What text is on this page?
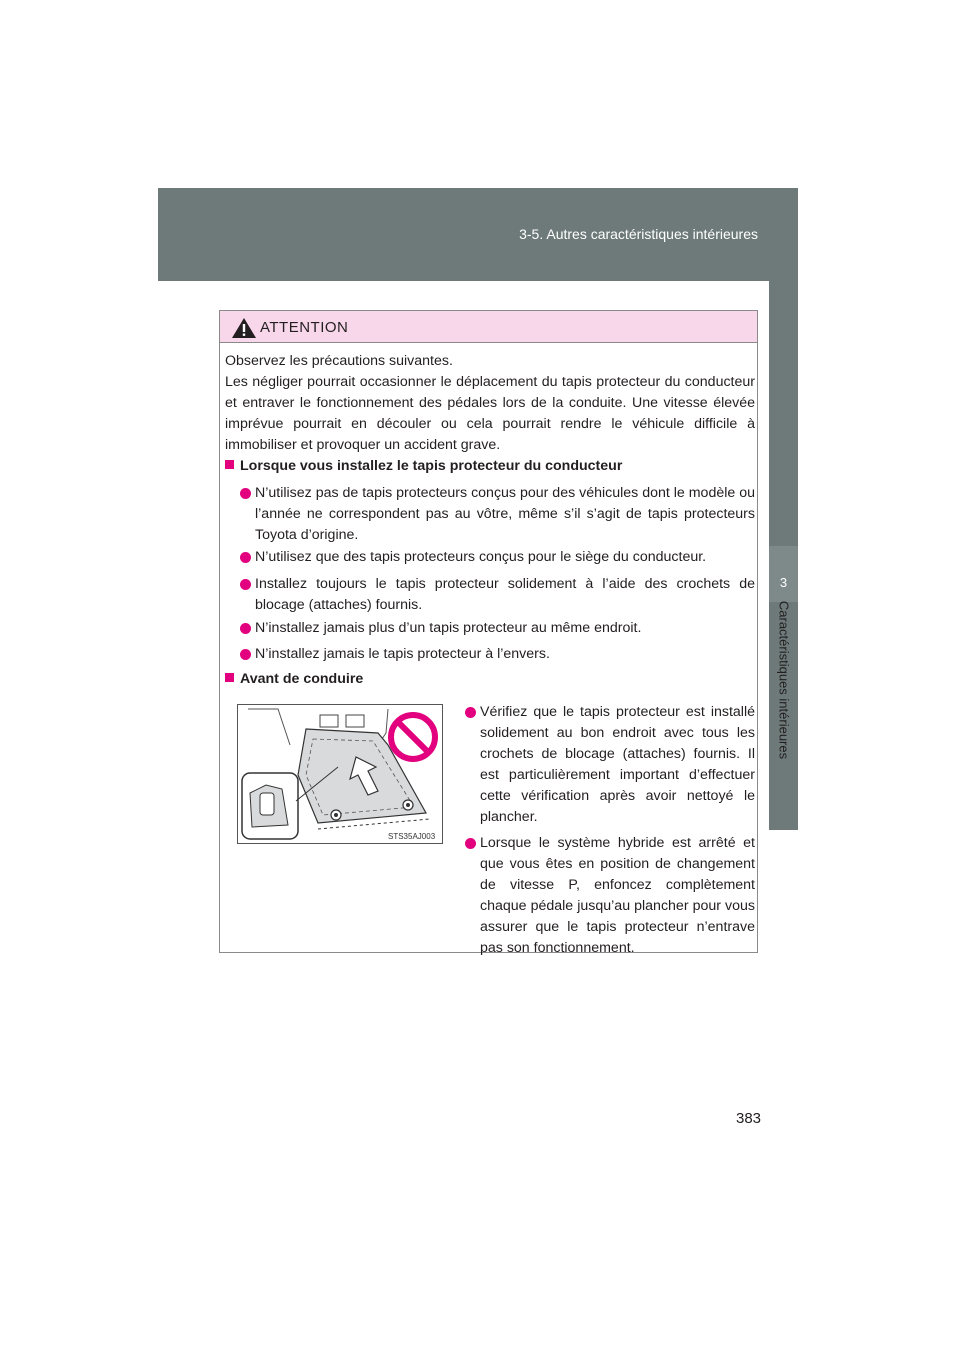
3-5. Autres caractéristiques intérieures
3
Caractéristiques intérieures
ATTENTION
Observez les précautions suivantes.
Les négliger pourrait occasionner le déplacement du tapis protecteur du conducteur et entraver le fonctionnement des pédales lors de la conduite. Une vitesse élevée imprévue pourrait en découler ou cela pourrait rendre le véhicule difficile à immobiliser et provoquer un accident grave.
Lorsque vous installez le tapis protecteur du conducteur
N’utilisez pas de tapis protecteurs conçus pour des véhicules dont le modèle ou l’année ne correspondent pas au vôtre, même s’il s’agit de tapis protecteurs Toyota d’origine.
N’utilisez que des tapis protecteurs conçus pour le siège du conducteur.
Installez toujours le tapis protecteur solidement à l’aide des crochets de blocage (attaches) fournis.
N’installez jamais plus d’un tapis protecteur au même endroit.
N’installez jamais le tapis protecteur à l’envers.
Avant de conduire
STS35AJ003
Vérifiez que le tapis protecteur est installé solidement au bon endroit avec tous les crochets de blocage (attaches) fournis. Il est particulièrement important d’effectuer cette vérification après avoir nettoyé le plancher.
Lorsque le système hybride est arrêté et que vous êtes en position de changement de vitesse P, enfoncez complètement chaque pédale jusqu’au plancher pour vous assurer que le tapis protecteur n’entrave pas son fonctionnement.
383
